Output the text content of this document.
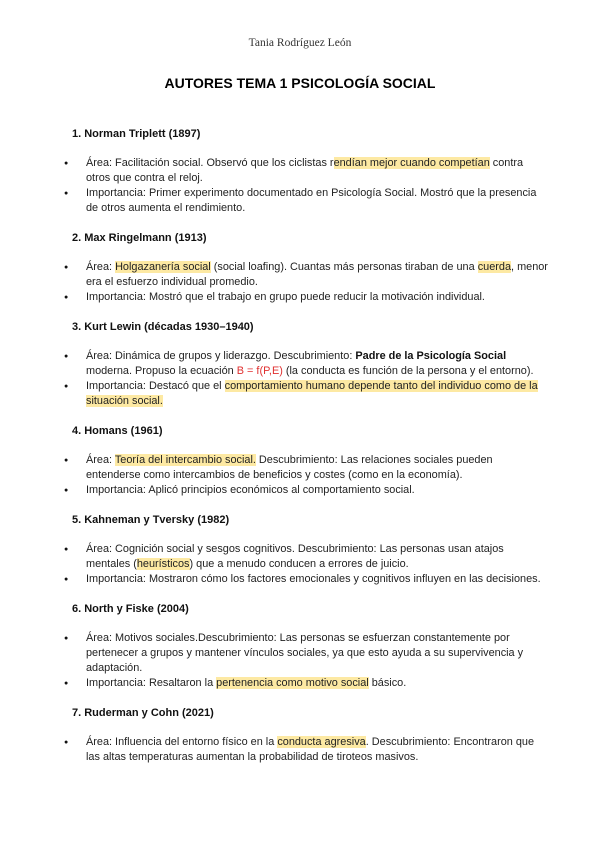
Tania Rodríguez León
AUTORES TEMA 1 PSICOLOGÍA SOCIAL
1. Norman Triplett (1897)
● Área: Facilitación social. Observó que los ciclistas rendían mejor cuando competían contra otros que contra el reloj.
● Importancia: Primer experimento documentado en Psicología Social. Mostró que la presencia de otros aumenta el rendimiento.
2. Max Ringelmann (1913)
● Área: Holgazanería social (social loafing). Cuantas más personas tiraban de una cuerda, menor era el esfuerzo individual promedio.
● Importancia: Mostró que el trabajo en grupo puede reducir la motivación individual.
3. Kurt Lewin (décadas 1930–1940)
● Área: Dinámica de grupos y liderazgo. Descubrimiento: Padre de la Psicología Social moderna. Propuso la ecuación B = f(P,E) (la conducta es función de la persona y el entorno).
● Importancia: Destacó que el comportamiento humano depende tanto del individuo como de la situación social.
4. Homans (1961)
● Área: Teoría del intercambio social. Descubrimiento: Las relaciones sociales pueden entenderse como intercambios de beneficios y costes (como en la economía).
● Importancia: Aplicó principios económicos al comportamiento social.
5. Kahneman y Tversky (1982)
● Área: Cognición social y sesgos cognitivos. Descubrimiento: Las personas usan atajos mentales (heurísticos) que a menudo conducen a errores de juicio.
● Importancia: Mostraron cómo los factores emocionales y cognitivos influyen en las decisiones.
6. North y Fiske (2004)
● Área: Motivos sociales.Descubrimiento: Las personas se esfuerzan constantemente por pertenecer a grupos y mantener vínculos sociales, ya que esto ayuda a su supervivencia y adaptación.
● Importancia: Resaltaron la pertenencia como motivo social básico.
7. Ruderman y Cohn (2021)
● Área: Influencia del entorno físico en la conducta agresiva. Descubrimiento: Encontraron que las altas temperaturas aumentan la probabilidad de tiroteos masivos.
